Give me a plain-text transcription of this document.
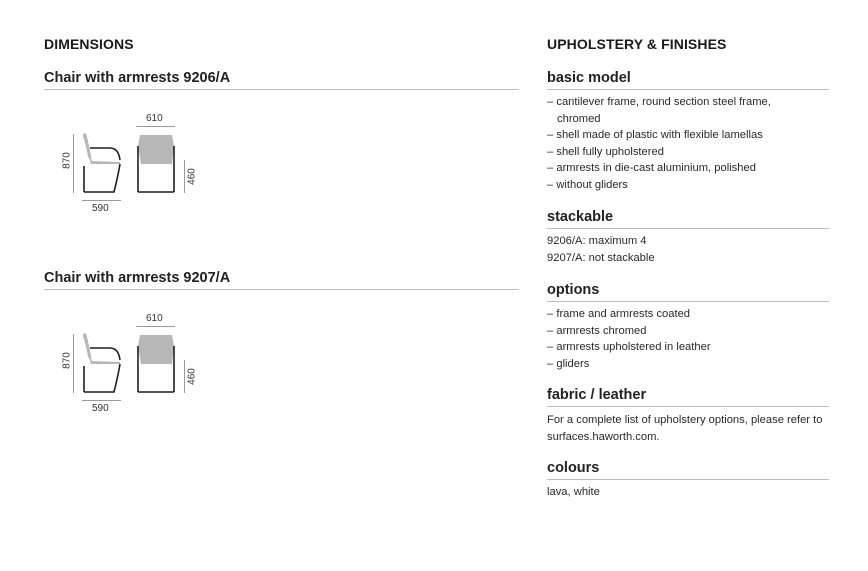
DIMENSIONS
Chair with armrests 9206/A
870
590
610
460
Chair with armrests 9207/A
870
590
610
460
UPHOLSTERY & FINISHES
basic model
– cantilever frame, round section steel frame, chromed
– shell made of plastic with flexible lamellas
– shell fully upholstered
– armrests in die-cast aluminium, polished
– without gliders
stackable
9206/A: maximum 4
9207/A: not stackable
options
– frame and armrests coated
– armrests chromed
– armrests upholstered in leather
– gliders
fabric / leather
For a complete list of upholstery options, please refer to surfaces.haworth.com.
colours
lava, white
